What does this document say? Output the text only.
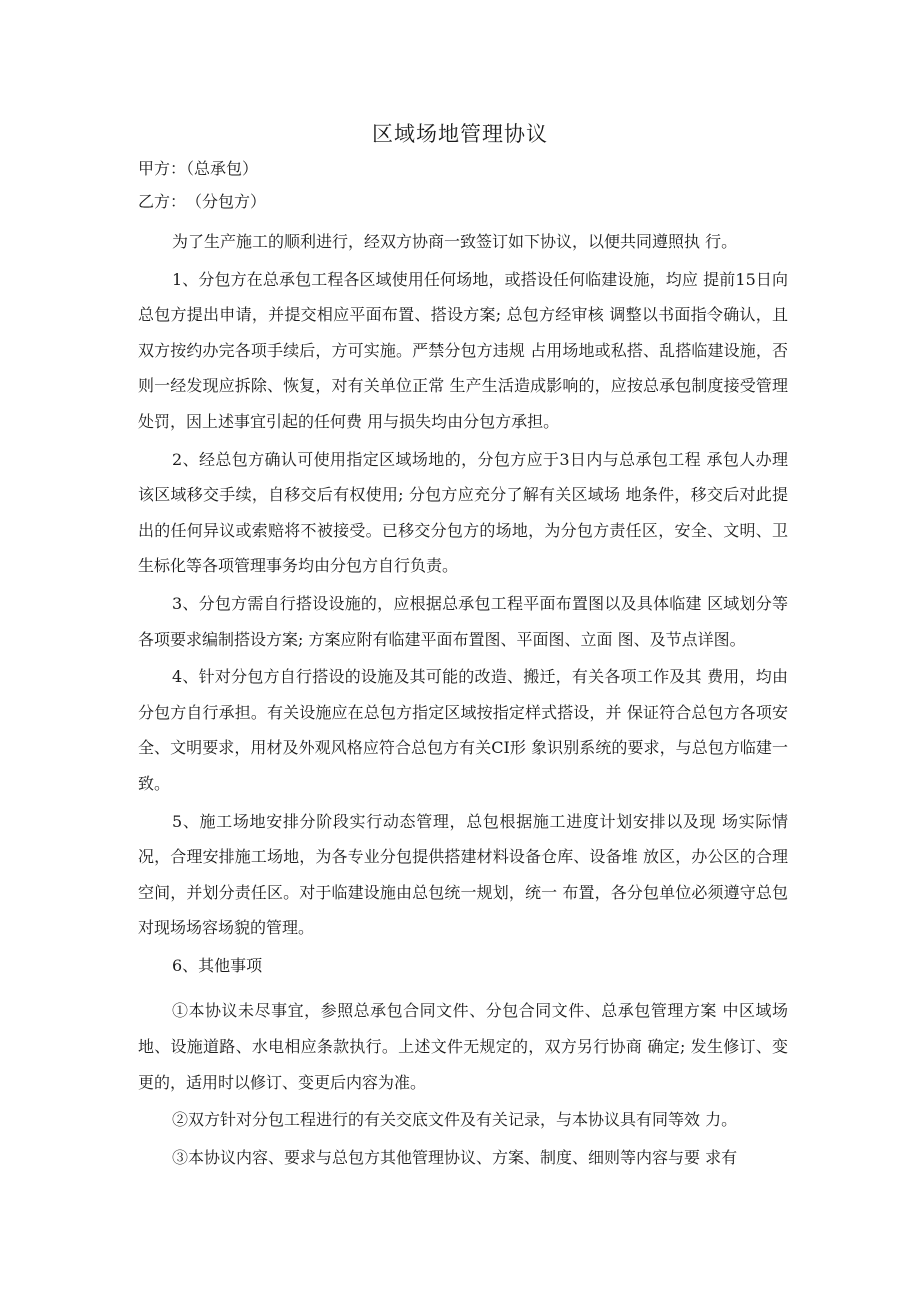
区域场地管理协议

甲方：（总承包）

乙方：　（分包方）

为了生产施工的顺利进行，经双方协商一致签订如下协议，以便共同遵照执 行。

1、分包方在总承包工程各区域使用任何场地，或搭设任何临建设施，均应 提前15日向总包方提出申请，并提交相应平面布置、搭设方案; 总包方经审核 调整以书面指令确认，且双方按约办完各项手续后，方可实施。严禁分包方违规 占用场地或私搭、乱搭临建设施，否则一经发现应拆除、恢复，对有关单位正常 生产生活造成影响的，应按总承包制度接受管理处罚，因上述事宜引起的任何费 用与损失均由分包方承担。

2、经总包方确认可使用指定区域场地的，分包方应于3日内与总承包工程 承包人办理该区域移交手续，自移交后有权使用; 分包方应充分了解有关区域场 地条件，移交后对此提出的任何异议或索赔将不被接受。已移交分包方的场地，为分包方责任区，安全、文明、卫生标化等各项管理事务均由分包方自行负责。

3、分包方需自行搭设设施的，应根据总承包工程平面布置图以及具体临建 区域划分等各项要求编制搭设方案; 方案应附有临建平面布置图、平面图、立面 图、及节点详图。

4、针对分包方自行搭设的设施及其可能的改造、搬迁，有关各项工作及其 费用，均由分包方自行承担。有关设施应在总包方指定区域按指定样式搭设，并 保证符合总包方各项安全、文明要求，用材及外观风格应符合总包方有关CI形 象识别系统的要求，与总包方临建一致。

5、施工场地安排分阶段实行动态管理，总包根据施工进度计划安排以及现 场实际情况，合理安排施工场地，为各专业分包提供搭建材料设备仓库、设备堆 放区，办公区的合理空间，并划分责任区。对于临建设施由总包统一规划，统一 布置，各分包单位必须遵守总包对现场场容场貌的管理。

6、其他事项

①本协议未尽事宜，参照总承包合同文件、分包合同文件、总承包管理方案 中区域场地、设施道路、水电相应条款执行。上述文件无规定的，双方另行协商 确定; 发生修订、变更的，适用时以修订、变更后内容为准。

②双方针对分包工程进行的有关交底文件及有关记录，与本协议具有同等效 力。

③本协议内容、要求与总包方其他管理协议、方案、制度、细则等内容与要 求有
